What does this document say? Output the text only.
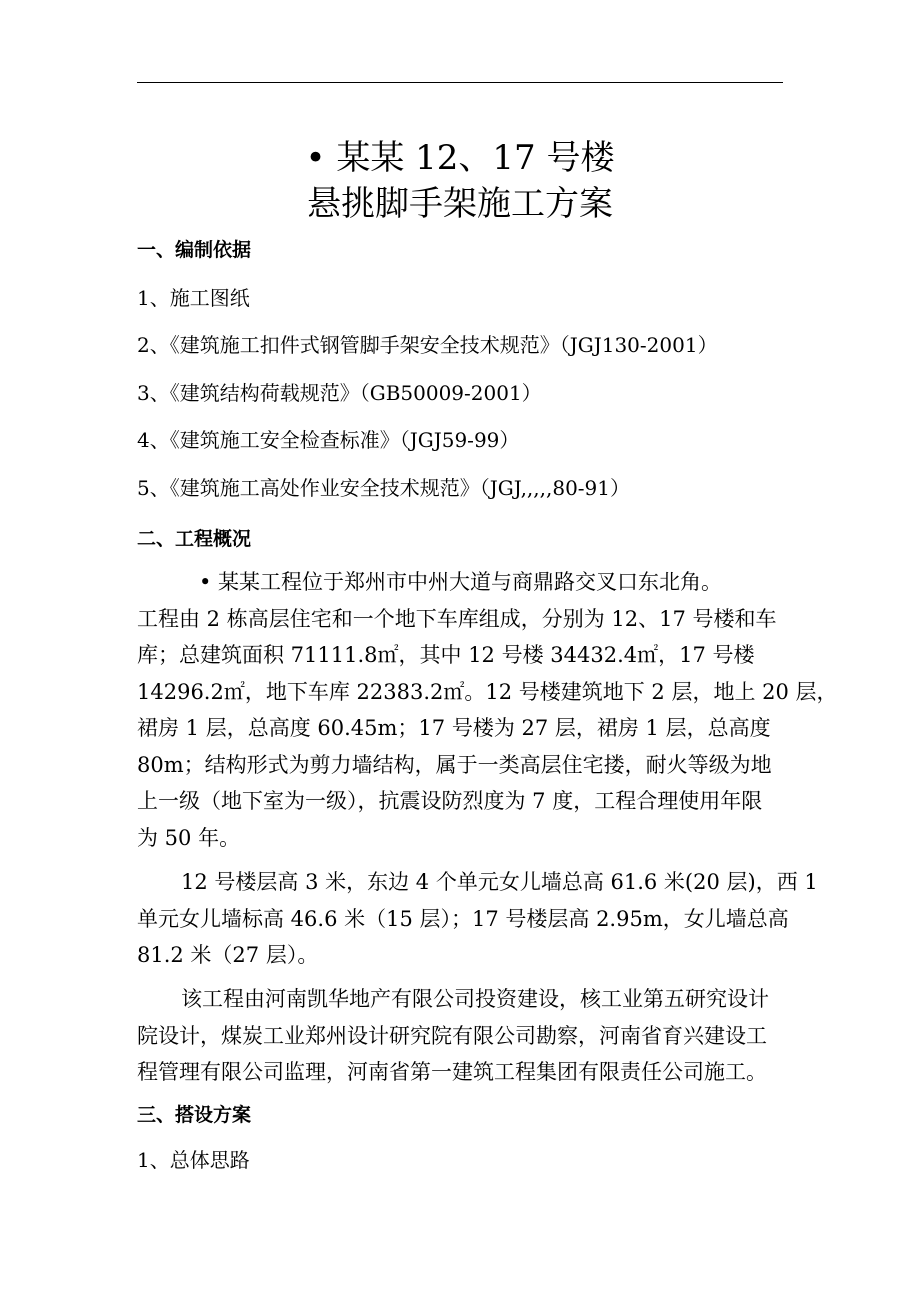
• 某某 12、17 号楼
悬挑脚手架施工方案
一、编制依据
1、施工图纸
2、《建筑施工扣件式钢管脚手架安全技术规范》（JGJ130-2001）
3、《建筑结构荷载规范》（GB50009-2001）
4、《建筑施工安全检查标准》（JGJ59-99）
5、《建筑施工高处作业安全技术规范》（JGJ,,,,,80-91）
二、工程概况
• 某某工程位于郑州市中州大道与商鼎路交叉口东北角。
工程由 2 栋高层住宅和一个地下车库组成，分别为 12、17 号楼和车
库；总建筑面积 71111.8㎡，其中 12 号楼 34432.4㎡，17 号楼
14296.2㎡，地下车库 22383.2㎡。12 号楼建筑地下 2 层，地上 20 层，
裙房 1 层，总高度 60.45m；17 号楼为 27 层，裙房 1 层，总高度
80m；结构形式为剪力墙结构，属于一类高层住宅搂，耐火等级为地
上一级（地下室为一级），抗震设防烈度为 7 度，工程合理使用年限
为 50 年。
12 号楼层高 3 米，东边 4 个单元女儿墙总高 61.6 米(20 层)，西 1
单元女儿墙标高 46.6 米（15 层）；17 号楼层高 2.95m，女儿墙总高
81.2 米（27 层）。
该工程由河南凯华地产有限公司投资建设，核工业第五研究设计
院设计，煤炭工业郑州设计研究院有限公司勘察，河南省育兴建设工
程管理有限公司监理，河南省第一建筑工程集团有限责任公司施工。
三、搭设方案
1、总体思路
